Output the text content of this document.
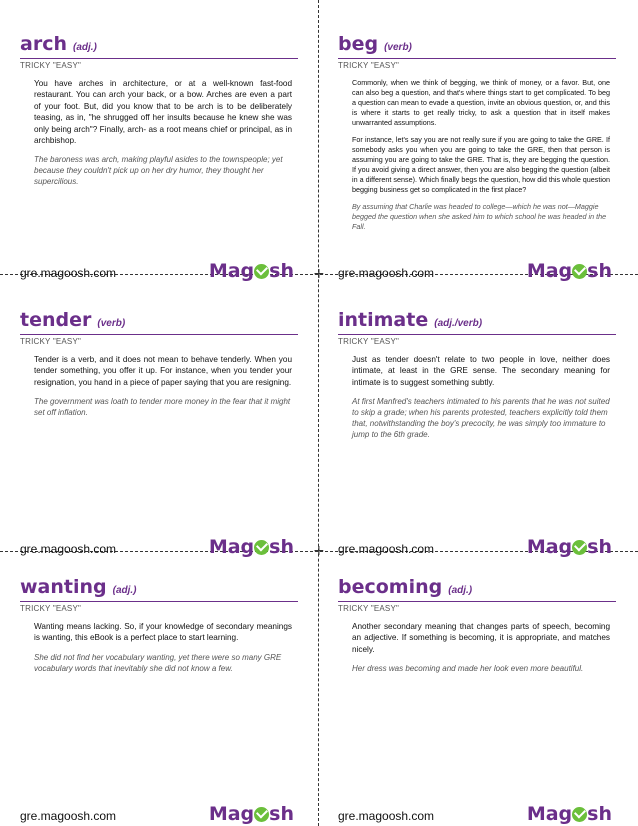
+
+
arch (adj.)
TRICKY "EASY"

You have arches in architecture, or at a well-known fast-food restaurant. You can arch your back, or a bow. Arches are even a part of your foot. But, did you know that to be arch is to be deliberately teasing, as in, "he shrugged off her insults because he knew she was only being arch"? Finally, arch- as a root means chief or principal, as in archbishop.

The baroness was arch, making playful asides to the townspeople; yet because they couldn't pick up on her dry humor, they thought her supercilious.
gre.magoosh.com	Mag sh
beg (verb)
TRICKY "EASY"

Commonly, when we think of begging, we think of money, or a favor. But, one can also beg a question, and that's where things start to get complicated. To beg a question can mean to evade a question, invite an obvious question, or, and this is where it starts to get really tricky, to ask a question that in itself makes unwarranted assumptions.

For instance, let's say you are not really sure if you are going to take the GRE. If somebody asks you when you are going to take the GRE, then that person is assuming you are going to take the GRE. That is, they are begging the question. If you avoid giving a direct answer, then you are also begging the question (albeit in a different sense). Which finally begs the question, how did this whole question begging business get so complicated in the first place?

By assuming that Charlie was headed to college—which he was not—Maggie begged the question when she asked him to which school he was headed in the Fall.
gre.magoosh.com	Mag sh
tender (verb)
TRICKY "EASY"

Tender is a verb, and it does not mean to behave tenderly. When you tender something, you offer it up. For instance, when you tender your resignation, you hand in a piece of paper saying that you are resigning.

The government was loath to tender more money in the fear that it might set off inflation.
gre.magoosh.com	Mag sh
intimate (adj./verb)
TRICKY "EASY"

Just as tender doesn't relate to two people in love, neither does intimate, at least in the GRE sense. The secondary meaning for intimate is to suggest something subtly.

At first Manfred's teachers intimated to his parents that he was not suited to skip a grade; when his parents protested, teachers explicitly told them that, notwithstanding the boy's precocity, he was simply too immature to jump to the 6th grade.
gre.magoosh.com	Mag sh
wanting (adj.)
TRICKY "EASY"

Wanting means lacking. So, if your knowledge of secondary meanings is wanting, this eBook is a perfect place to start learning.

She did not find her vocabulary wanting, yet there were so many GRE vocabulary words that inevitably she did not know a few.
gre.magoosh.com	Mag sh
becoming (adj.)
TRICKY "EASY"

Another secondary meaning that changes parts of speech, becoming an adjective. If something is becoming, it is appropriate, and matches nicely.

Her dress was becoming and made her look even more beautiful.
gre.magoosh.com	Mag sh
